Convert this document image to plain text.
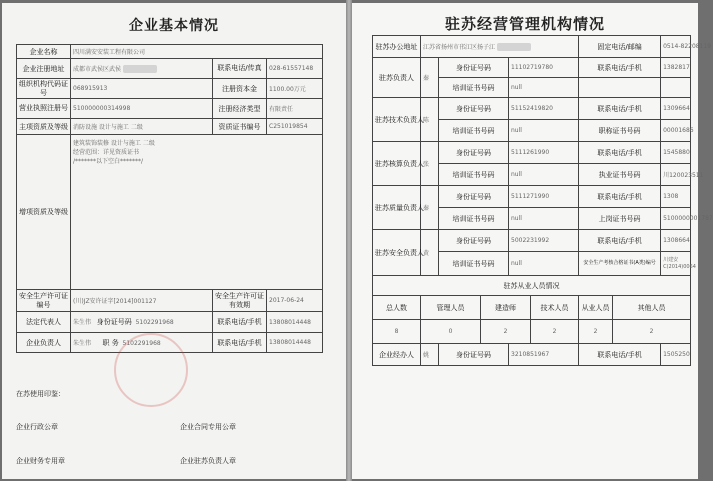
企业基本情况
企业名称	四川满安安装工程有限公司		
企业注册地址	成都市武侯区武侯	联系电话/传真	028-61557148
组织机构代码证号	068915913	注册资本金	1100.00万元
营业执照注册号	510000000314998	注册经济类型	有限责任
主项资质及等级	消防设施 设计与施工 二级	资质证书编号	C251019854
增项资质及等级	建筑装饰装修 设计与施工 二级
经营范围：详见资质证书
/*******以下空白*******/		

安全生产许可证编号	(川)JZ安许证字[2014]001127	安全生产许可证有效期	2017-06-24
法定代表人	朱生伟 身份证号码 5102291968	联系电话/手机	13808014448
企业负责人	朱生伟 职 务 5102291968	联系电话/手机	13808014448
在苏使用印鉴：
企业行政公章	企业合同专用公章
企业财务专用章	企业驻苏负责人章
驻苏经营管理机构情况
驻苏办公地址	江苏省扬州市邗江区扬子江					固定电话/邮编		0514-82208119
驻苏负责人	秦	身份证号码		11102719780		联系电话/手机		1382817
		培训证书号码		null				
驻苏技术负责人	陈	身份证号码		51152419820		联系电话/手机		1309664
		培训证书号码		null		职称证书号码		00001686
驻苏核算负责人	张	身份证号码		5111261990		联系电话/手机		1545880
		培训证书号码		null		执业证书号码		川120023511
驻苏质量负责人	秦	身份证号码		5111271990		联系电话/手机		1308
		培训证书号码		null		上岗证书号码		5100000001787
驻苏安全负责人	黄	身份证号码		5002231992		联系电话/手机		1308664
		培训证书号码		null		安全生产考核合格证书(A类)编号		川建安C(2014)0064
驻苏从业人员情况								
总人数	管理人员		建造师		技术人员	从业人员	其他人员	
8	0		2		2	2	2	
企业经办人	姚	身份证号码		3210851967		联系电话/手机		1505250
